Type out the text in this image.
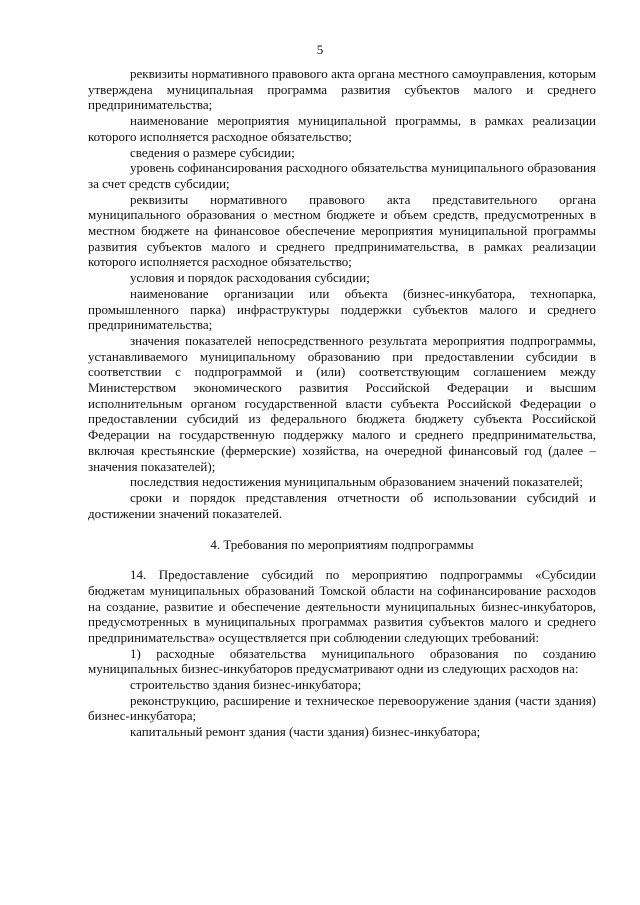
5

реквизиты нормативного правового акта органа местного самоуправления, которым утверждена муниципальная программа развития субъектов малого и среднего предпринимательства;

наименование мероприятия муниципальной программы, в рамках реализации которого исполняется расходное обязательство;

сведения о размере субсидии;

уровень софинансирования расходного обязательства муниципального образования за счет средств субсидии;

реквизиты нормативного правового акта представительного органа муниципального образования о местном бюджете и объем средств, предусмотренных в местном бюджете на финансовое обеспечение мероприятия муниципальной программы развития субъектов малого и среднего предпринимательства, в рамках реализации которого исполняется расходное обязательство;

условия и порядок расходования субсидии;

наименование организации или объекта (бизнес-инкубатора, технопарка, промышленного парка) инфраструктуры поддержки субъектов малого и среднего предпринимательства;

значения показателей непосредственного результата мероприятия подпрограммы, устанавливаемого муниципальному образованию при предоставлении субсидии в соответствии с подпрограммой и (или) соответствующим соглашением между Министерством экономического развития Российской Федерации и высшим исполнительным органом государственной власти субъекта Российской Федерации о предоставлении субсидий из федерального бюджета бюджету субъекта Российской Федерации на государственную поддержку малого и среднего предпринимательства, включая крестьянские (фермерские) хозяйства, на очередной финансовый год (далее – значения показателей);

последствия недостижения муниципальным образованием значений показателей;

сроки и порядок представления отчетности об использовании субсидий и достижении значений показателей.

4. Требования по мероприятиям подпрограммы

14. Предоставление субсидий по мероприятию подпрограммы «Субсидии бюджетам муниципальных образований Томской области на софинансирование расходов на создание, развитие и обеспечение деятельности муниципальных бизнес-инкубаторов, предусмотренных в муниципальных программах развития субъектов малого и среднего предпринимательства» осуществляется при соблюдении следующих требований:

1) расходные обязательства муниципального образования по созданию муниципальных бизнес-инкубаторов предусматривают одни из следующих расходов на:

строительство здания бизнес-инкубатора;

реконструкцию, расширение и техническое перевооружение здания (части здания) бизнес-инкубатора;

капитальный ремонт здания (части здания) бизнес-инкубатора;
